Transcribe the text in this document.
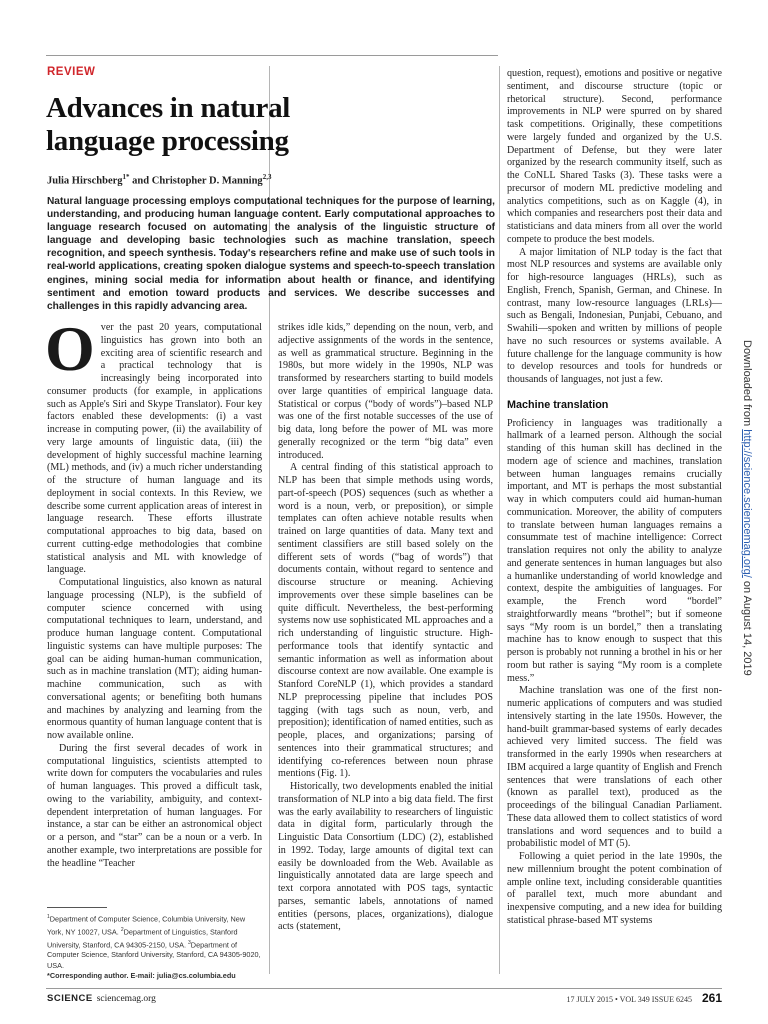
REVIEW
Advances in natural language processing
Julia Hirschberg$^{1*}$ and Christopher D. Manning$^{2,3}$
Natural language processing employs computational techniques for the purpose of learning, understanding, and producing human language content. Early computational approaches to language research focused on automating the analysis of the linguistic structure of language and developing basic technologies such as machine translation, speech recognition, and speech synthesis. Today's researchers refine and make use of such tools in real-world applications, creating spoken dialogue systems and speech-to-speech translation engines, mining social media for information about health or finance, and identifying sentiment and emotion toward products and services. We describe successes and challenges in this rapidly advancing area.

Over the past 20 years, computational linguistics has grown into both an exciting area of scientific research and a practical technology that is increasingly being incorporated into consumer products (for example, in applications such as Apple's Siri and Skype Translator). Four key factors enabled these developments: (i) a vast increase in computing power, (ii) the availability of very large amounts of linguistic data, (iii) the development of highly successful machine learning (ML) methods, and (iv) a much richer understanding of the structure of human language and its deployment in social contexts. In this Review, we describe some current application areas of interest in language research. These efforts illustrate computational approaches to big data, based on current cutting-edge methodologies that combine statistical analysis and ML with knowledge of language.

Computational linguistics, also known as natural language processing (NLP), is the subfield of computer science concerned with using computational techniques to learn, understand, and produce human language content. Computational linguistic systems can have multiple purposes: The goal can be aiding human-human communication, such as in machine translation (MT); aiding human-machine communication, such as with conversational agents; or benefiting both humans and machines by analyzing and learning from the enormous quantity of human language content that is now available online.

During the first several decades of work in computational linguistics, scientists attempted to write down for computers the vocabularies and rules of human languages. This proved a difficult task, owing to the variability, ambiguity, and context-dependent interpretation of human languages. For instance, a star can be either an astronomical object or a person, and “star” can be a noun or a verb. In another example, two interpretations are possible for the headline “Teacher

$^1$Department of Computer Science, Columbia University, New York, NY 10027, USA. $^2$Department of Linguistics, Stanford University, Stanford, CA 94305-2150, USA. $^3$Department of Computer Science, Stanford University, Stanford, CA 94305-9020, USA.
*Corresponding author. E-mail: julia@cs.columbia.edu

strikes idle kids,” depending on the noun, verb, and adjective assignments of the words in the sentence, as well as grammatical structure. Beginning in the 1980s, but more widely in the 1990s, NLP was transformed by researchers starting to build models over large quantities of empirical language data. Statistical or corpus (“body of words”)–based NLP was one of the first notable successes of the use of big data, long before the power of ML was more generally recognized or the term “big data” even introduced.

A central finding of this statistical approach to NLP has been that simple methods using words, part-of-speech (POS) sequences (such as whether a word is a noun, verb, or preposition), or simple templates can often achieve notable results when trained on large quantities of data. Many text and sentiment classifiers are still based solely on the different sets of words (“bag of words”) that documents contain, without regard to sentence and discourse structure or meaning. Achieving improvements over these simple baselines can be quite difficult. Nevertheless, the best-performing systems now use sophisticated ML approaches and a rich understanding of linguistic structure. High-performance tools that identify syntactic and semantic information as well as information about discourse context are now available. One example is Stanford CoreNLP (1), which provides a standard NLP preprocessing pipeline that includes POS tagging (with tags such as noun, verb, and preposition); identification of named entities, such as people, places, and organizations; parsing of sentences into their grammatical structures; and identifying co-references between noun phrase mentions (Fig. 1).

Historically, two developments enabled the initial transformation of NLP into a big data field. The first was the early availability to researchers of linguistic data in digital form, particularly through the Linguistic Data Consortium (LDC) (2), established in 1992. Today, large amounts of digital text can easily be downloaded from the Web. Available as linguistically annotated data are large speech and text corpora annotated with POS tags, syntactic parses, semantic labels, annotations of named entities (persons, places, organizations), dialogue acts (statement,

question, request), emotions and positive or negative sentiment, and discourse structure (topic or rhetorical structure). Second, performance improvements in NLP were spurred on by shared task competitions. Originally, these competitions were largely funded and organized by the U.S. Department of Defense, but they were later organized by the research community itself, such as the CoNLL Shared Tasks (3). These tasks were a precursor of modern ML predictive modeling and analytics competitions, such as on Kaggle (4), in which companies and researchers post their data and statisticians and data miners from all over the world compete to produce the best models.

A major limitation of NLP today is the fact that most NLP resources and systems are available only for high-resource languages (HRLs), such as English, French, Spanish, German, and Chinese. In contrast, many low-resource languages (LRLs)—such as Bengali, Indonesian, Punjabi, Cebuano, and Swahili—spoken and written by millions of people have no such resources or systems available. A future challenge for the language community is how to develop resources and tools for hundreds or thousands of languages, not just a few.

Machine translation

Proficiency in languages was traditionally a hallmark of a learned person. Although the social standing of this human skill has declined in the modern age of science and machines, translation between human languages remains crucially important, and MT is perhaps the most substantial way in which computers could aid human-human communication. Moreover, the ability of computers to translate between human languages remains a consummate test of machine intelligence: Correct translation requires not only the ability to analyze and generate sentences in human languages but also a humanlike understanding of world knowledge and context, despite the ambiguities of languages. For example, the French word “bordel” straightforwardly means “brothel”; but if someone says “My room is un bordel,” then a translating machine has to know enough to suspect that this person is probably not running a brothel in his or her room but rather is saying “My room is a complete mess.”

Machine translation was one of the first non-numeric applications of computers and was studied intensively starting in the late 1950s. However, the hand-built grammar-based systems of early decades achieved very limited success. The field was transformed in the early 1990s when researchers at IBM acquired a large quantity of English and French sentences that were translations of each other (known as parallel text), produced as the proceedings of the bilingual Canadian Parliament. These data allowed them to collect statistics of word translations and word sequences and to build a probabilistic model of MT (5).

Following a quiet period in the late 1990s, the new millennium brought the potent combination of ample online text, including considerable quantities of parallel text, much more abundant and inexpensive computing, and a new idea for building statistical phrase-based MT systems

Downloaded from http://science.sciencemag.org/ on August 14, 2019
SCIENCE sciencemag.org	17 JULY 2015 • VOL 349 ISSUE 6245 261
